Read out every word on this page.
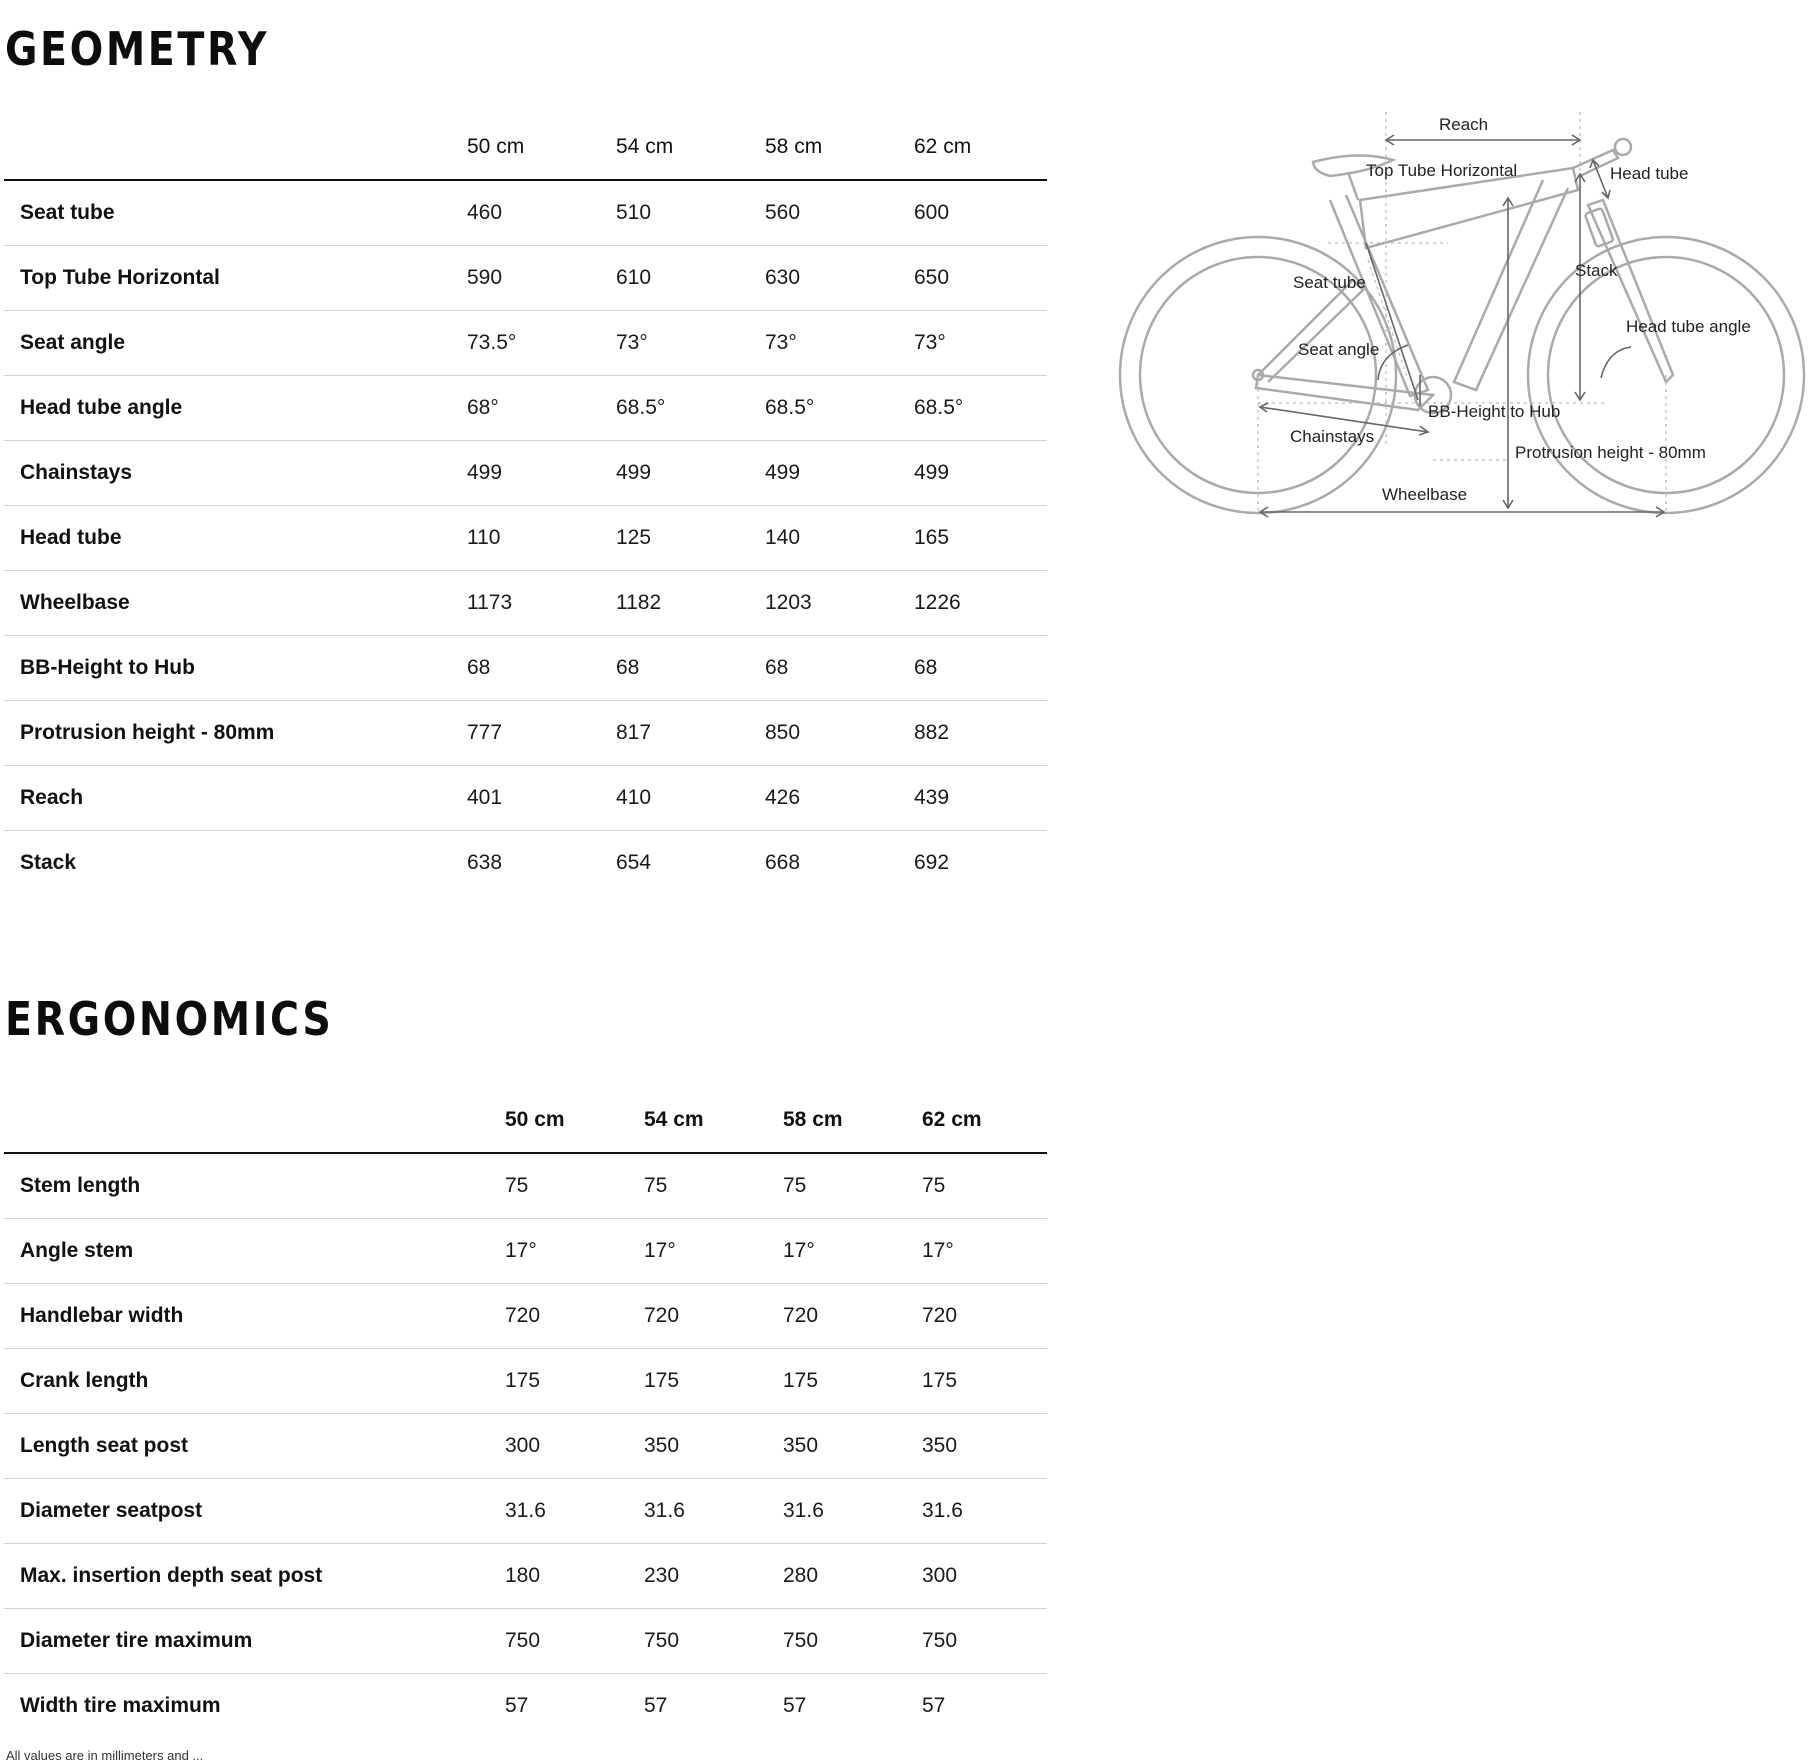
GEOMETRY
	50 cm	54 cm	58 cm	62 cm
Seat tube	460	510	560	600
Top Tube Horizontal	590	610	630	650
Seat angle	73.5°	73°	73°	73°
Head tube angle	68°	68.5°	68.5°	68.5°
Chainstays	499	499	499	499
Head tube	110	125	140	165
Wheelbase	1173	1182	1203	1226
BB-Height to Hub	68	68	68	68
Protrusion height - 80mm	777	817	850	882
Reach	401	410	426	439
Stack	638	654	668	692
Reach
Top Tube Horizontal	Head tube
Seat tube
Stack
Head tube angle
Seat angle
BB-Height to Hub
Chainstays
Protrusion height - 80mm
Wheelbase
ERGONOMICS
	50 cm	54 cm	58 cm	62 cm
Stem length	75	75	75	75
Angle stem	17°	17°	17°	17°
Handlebar width	720	720	720	720
Crank length	175	175	175	175
Length seat post	300	350	350	350
Diameter seatpost	31.6	31.6	31.6	31.6
Max. insertion depth seat post	180	230	280	300
Diameter tire maximum	750	750	750	750
Width tire maximum	57	57	57	57

All values are in millimeters and ...
